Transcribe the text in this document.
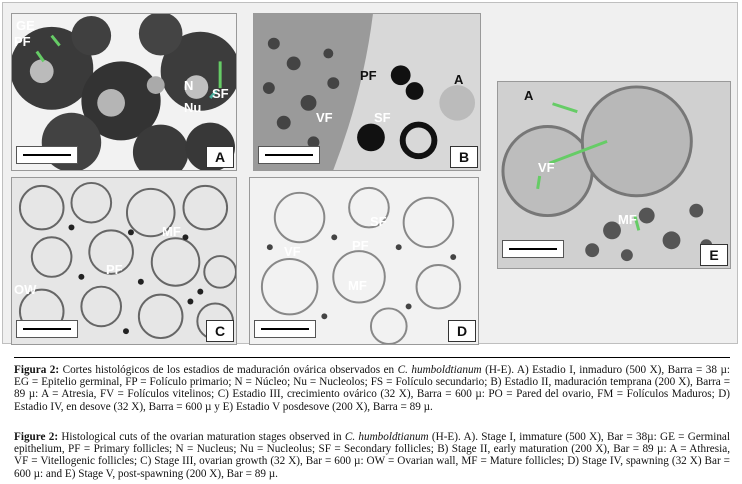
GE
PF
N
Nu
SF
A
PF	A
VF	SF
B
MF
PF
OW
C
SF
PF
VF
MF
D
A
VF
MF
E
Figura 2: Cortes histológicos de los estadios de maduración ovárica observados en C. humboldtianum (H-E). A) Estadio I, inmaduro (500 X), Barra = 38 µ: EG = Epitelio germinal, FP = Folículo primario; N = Núcleo; Nu = Nucleolos; FS = Folículo secundario; B) Estadio II, maduración temprana (200 X), Barra = 89 µ: A = Atresia, FV = Folículos vitelinos; C) Estadio III, crecimiento ovárico (32 X), Barra = 600 µ: PO = Pared del ovario, FM = Folículos Maduros; D) Estadio IV, en desove (32 X), Barra = 600 µ y E) Estadio V posdesove (200 X), Barra = 89 µ.
Figure 2: Histological cuts of the ovarian maturation stages observed in C. humboldtianum (H-E). A). Stage I, immature (500 X), Bar = 38µ: GE = Germinal epithelium, PF = Primary follicles; N = Nucleus; Nu = Nucleolus; SF = Secondary follicles; B) Stage II, early maturation (200 X), Bar = 89 µ: A = Athresia, VF = Vitellogenic follicles; C) Stage III, ovarian growth (32 X), Bar = 600 µ: OW = Ovarian wall, MF = Mature follicles; D) Stage IV, spawning (32 X) Bar = 600 µ: and E) Stage V, post-spawning (200 X), Bar = 89 µ.
